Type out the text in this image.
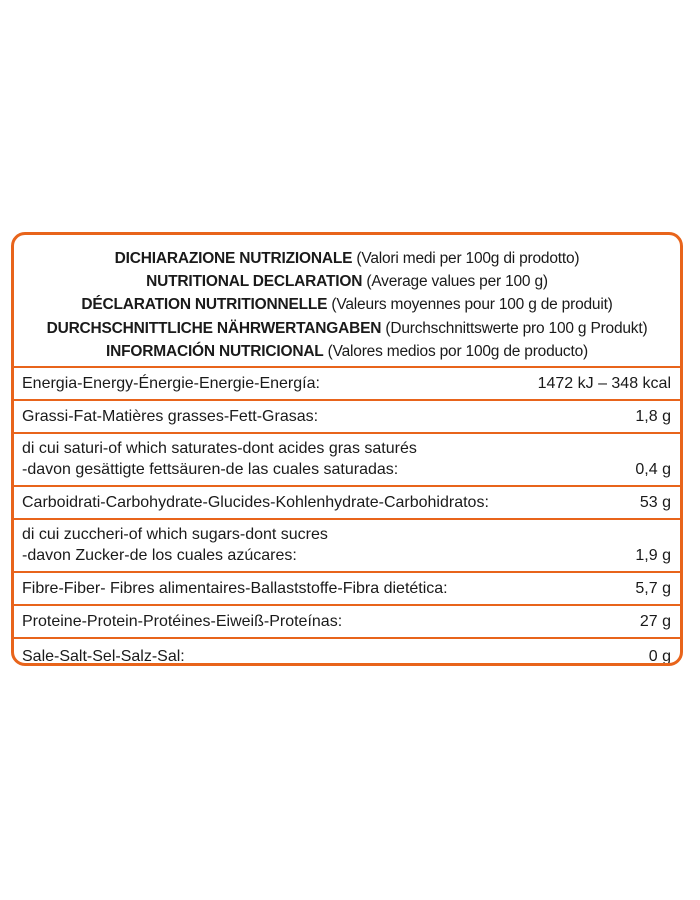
DICHIARAZIONE NUTRIZIONALE (Valori medi per 100g di prodotto)
NUTRITIONAL DECLARATION (Average values per 100 g)
DÉCLARATION NUTRITIONNELLE (Valeurs moyennes pour 100 g de produit)
DURCHSCHNITTLICHE NÄHRWERTANGABEN (Durchschnittswerte pro 100 g Produkt)
INFORMACIÓN NUTRICIONAL (Valores medios por 100g de producto)
Energia-Energy-Énergie-Energie-Energía:	1472 kJ – 348 kcal
Grassi-Fat-Matières grasses-Fett-Grasas:	1,8 g
di cui saturi-of which saturates-dont acides gras saturés
-davon gesättigte fettsäuren-de las cuales saturadas:	0,4 g
Carboidrati-Carbohydrate-Glucides-Kohlenhydrate-Carbohidratos:	53 g
di cui zuccheri-of which sugars-dont sucres
-davon Zucker-de los cuales azúcares:	1,9 g
Fibre-Fiber- Fibres alimentaires-Ballaststoffe-Fibra dietética:	5,7 g
Proteine-Protein-Protéines-Eiweiß-Proteínas:	27 g
Sale-Salt-Sel-Salz-Sal:	0 g
